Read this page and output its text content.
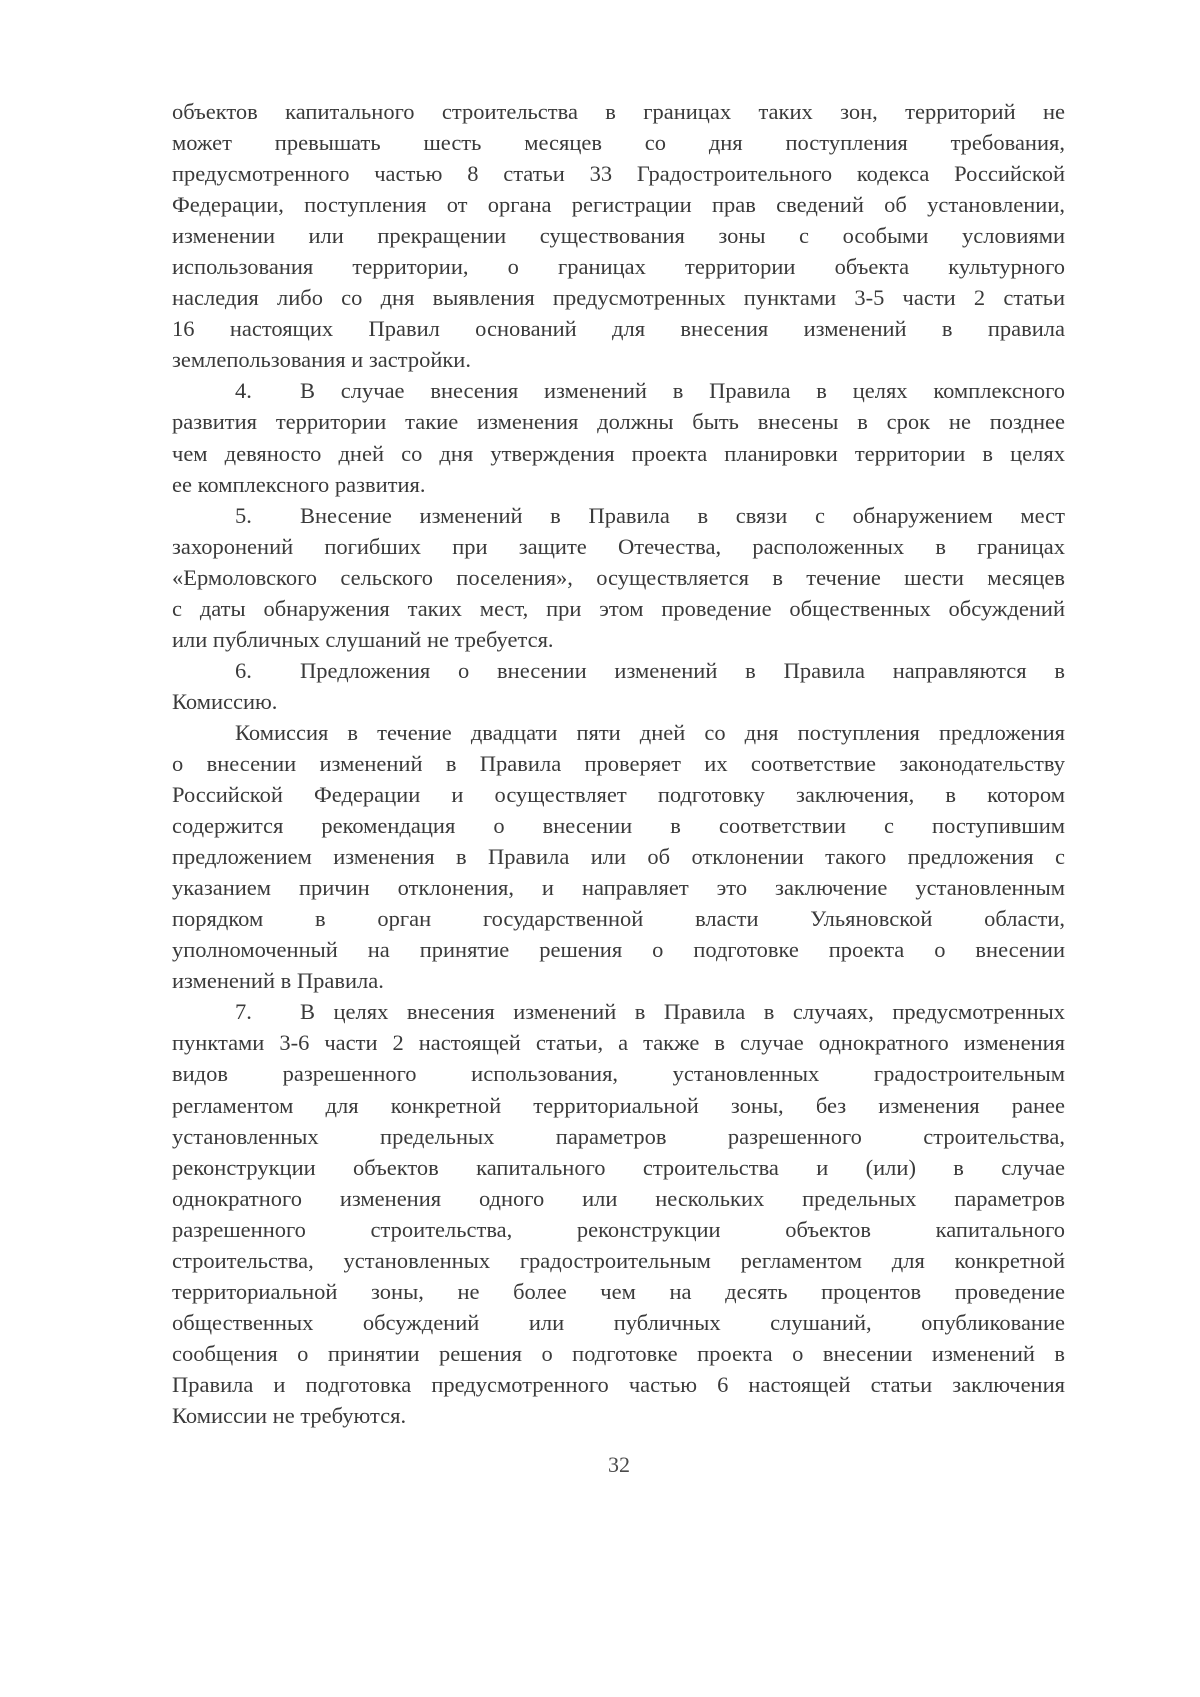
объектов капитального строительства в границах таких зон, территорий не
может превышать шесть месяцев со дня поступления требования,
предусмотренного частью 8 статьи 33 Градостроительного кодекса Российской
Федерации, поступления от органа регистрации прав сведений об установлении,
изменении или прекращении существования зоны с особыми условиями
использования территории, о границах территории объекта культурного
наследия либо со дня выявления предусмотренных пунктами 3-5 части 2 статьи
16 настоящих Правил оснований для внесения изменений в правила
землепользования и застройки.
4.	В случае внесения изменений в Правила в целях комплексного
развития территории такие изменения должны быть внесены в срок не позднее
чем девяносто дней со дня утверждения проекта планировки территории в целях
ее комплексного развития.
5.	Внесение изменений в Правила в связи с обнаружением мест
захоронений погибших при защите Отечества, расположенных в границах
«Ермоловского сельского поселения», осуществляется в течение шести месяцев
с даты обнаружения таких мест, при этом проведение общественных обсуждений
или публичных слушаний не требуется.
6.	Предложения о внесении изменений в Правила направляются в
Комиссию.
Комиссия в течение двадцати пяти дней со дня поступления предложения
о внесении изменений в Правила проверяет их соответствие законодательству
Российской Федерации и осуществляет подготовку заключения, в котором
содержится рекомендация о внесении в соответствии с поступившим
предложением изменения в Правила или об отклонении такого предложения с
указанием причин отклонения, и направляет это заключение установленным
порядком в орган государственной власти Ульяновской области,
уполномоченный на принятие решения о подготовке проекта о внесении
изменений в Правила.
7.	В целях внесения изменений в Правила в случаях, предусмотренных
пунктами 3-6 части 2 настоящей статьи, а также в случае однократного изменения
видов разрешенного использования, установленных градостроительным
регламентом для конкретной территориальной зоны, без изменения ранее
установленных предельных параметров разрешенного строительства,
реконструкции объектов капитального строительства и (или) в случае
однократного изменения одного или нескольких предельных параметров
разрешенного строительства, реконструкции объектов капитального
строительства, установленных градостроительным регламентом для конкретной
территориальной зоны, не более чем на десять процентов проведение
общественных обсуждений или публичных слушаний, опубликование
сообщения о принятии решения о подготовке проекта о внесении изменений в
Правила и подготовка предусмотренного частью 6 настоящей статьи заключения
Комиссии не требуются.
32
